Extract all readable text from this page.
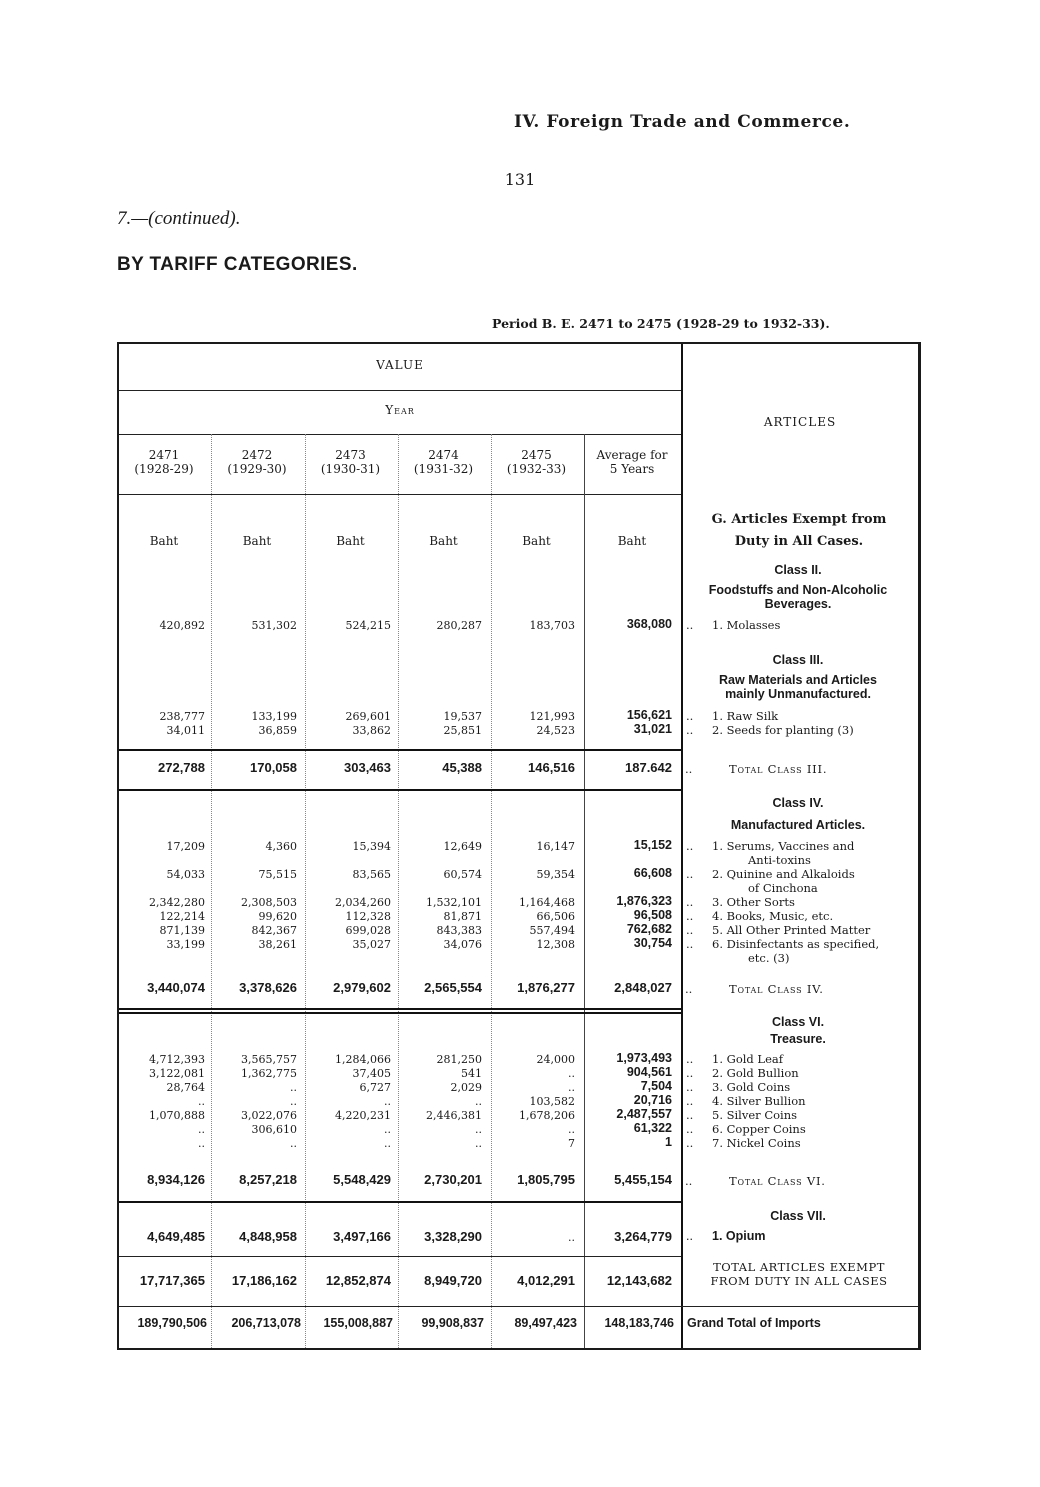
IV. Foreign Trade and Commerce.
131
7.—(continued).
BY TARIFF CATEGORIES.
Period B. E. 2471 to 2475 (1928-29 to 1932-33).
VALUE
Year
ARTICLES
2471
(1928-29)
2472
(1929-30)
2473
(1930-31)
2474
(1931-32)
2475
(1932-33)
Average for
5 Years
Baht	Baht	Baht	Baht	Baht	Baht
G. Articles Exempt from
Duty in All Cases.
Class II.
Foodstuffs and Non-Alcoholic Beverages.
420,892	531,302	524,215	280,287	183,703	368,080 .. 1. Molasses
Class III.
Raw Materials and Articles
mainly Unmanufactured.
238,777	133,199	269,601	19,537	121,993	156,621 .. 1. Raw Silk
34,011	36,859	33,862	25,851	24,523	31,021 .. 2. Seeds for planting (3)
272,788	170,058	303,463	45,388	146,516	187.642 ..	Total Class III.
Class IV.
Manufactured Articles.
17,209	4,360	15,394	12,649	16,147	15,152 .. 1. Serums, Vaccines and
Anti-toxins
54,033	75,515	83,565	60,574	59,354	66,608 .. 2. Quinine and Alkaloids
of Cinchona
2,342,280	2,308,503	2,034,260	1,532,101	1,164,468	1,876,323 .. 3. Other Sorts
122,214	99,620	112,328	81,871	66,506	96,508 .. 4. Books, Music, etc.
871,139	842,367	699,028	843,383	557,494	762,682 .. 5. All Other Printed Matter
33,199	38,261	35,027	34,076	12,308	30,754 .. 6. Disinfectants as specified,
etc. (3)
3,440,074	3,378,626	2,979,602	2,565,554	1,876,277	2,848,027 ..	Total Class IV.
Class VI.
Treasure.
4,712,393	3,565,757	1,284,066	281,250	24,000	1,973,493 .. 1. Gold Leaf
3,122,081	1,362,775	37,405	541	..	904,561 .. 2. Gold Bullion
28,764	..	6,727	2,029	..	7,504 .. 3. Gold Coins
..	..	..	..	103,582	20,716 .. 4. Silver Bullion
1,070,888	3,022,076	4,220,231	2,446,381	1,678,206	2,487,557 .. 5. Silver Coins
..	306,610	..	..	..	61,322 .. 6. Copper Coins
..	..	..	..	7	1 .. 7. Nickel Coins
8,934,126	8,257,218	5,548,429	2,730,201	1,805,795	5,455,154 ..	Total Class VI.
Class VII.
4,649,485	4,848,958	3,497,166	3,328,290	..	3,264,779 .. 1. Opium
17,717,365	17,186,162	12,852,874	8,949,720	4,012,291	12,143,682
TOTAL ARTICLES EXEMPT
FROM DUTY IN ALL CASES
189,790,506	206,713,078	155,008,887	99,908,837	89,497,423	148,183,746 Grand Total of Imports
